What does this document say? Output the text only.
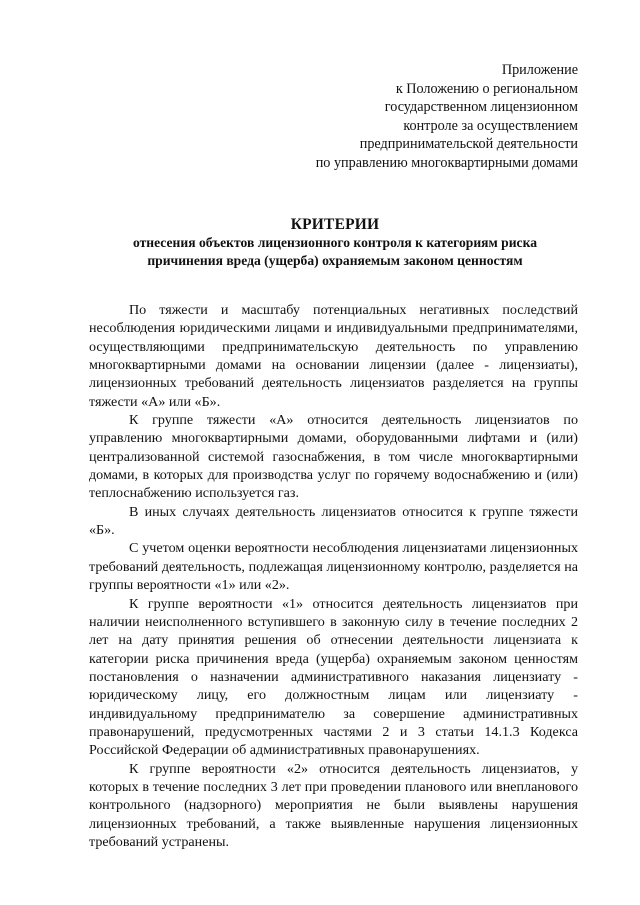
Приложение
к Положению о региональном
государственном лицензионном
контроле за осуществлением
предпринимательской деятельности
по управлению многоквартирными домами
КРИТЕРИИ
отнесения объектов лицензионного контроля к категориям риска
причинения вреда (ущерба) охраняемым законом ценностям

По тяжести и масштабу потенциальных негативных последствий несоблюдения юридическими лицами и индивидуальными предпринимателями, осуществляющими предпринимательскую деятельность по управлению многоквартирными домами на основании лицензии (далее - лицензиаты), лицензионных требований деятельность лицензиатов разделяется на группы тяжести «А» или «Б».

К группе тяжести «А» относится деятельность лицензиатов по управлению многоквартирными домами, оборудованными лифтами и (или) централизованной системой газоснабжения, в том числе многоквартирными домами, в которых для производства услуг по горячему водоснабжению и (или) теплоснабжению используется газ.

В иных случаях деятельность лицензиатов относится к группе тяжести «Б».

С учетом оценки вероятности несоблюдения лицензиатами лицензионных требований деятельность, подлежащая лицензионному контролю, разделяется на группы вероятности «1» или «2».

К группе вероятности «1» относится деятельность лицензиатов при наличии неисполненного вступившего в законную силу в течение последних 2 лет на дату принятия решения об отнесении деятельности лицензиата к категории риска причинения вреда (ущерба) охраняемым законом ценностям постановления о назначении административного наказания лицензиату - юридическому лицу, его должностным лицам или лицензиату - индивидуальному предпринимателю за совершение административных правонарушений, предусмотренных частями 2 и 3 статьи 14.1.3 Кодекса Российской Федерации об административных правонарушениях.

К группе вероятности «2» относится деятельность лицензиатов, у которых в течение последних 3 лет при проведении планового или внепланового контрольного (надзорного) мероприятия не были выявлены нарушения лицензионных требований, а также выявленные нарушения лицензионных требований устранены.
